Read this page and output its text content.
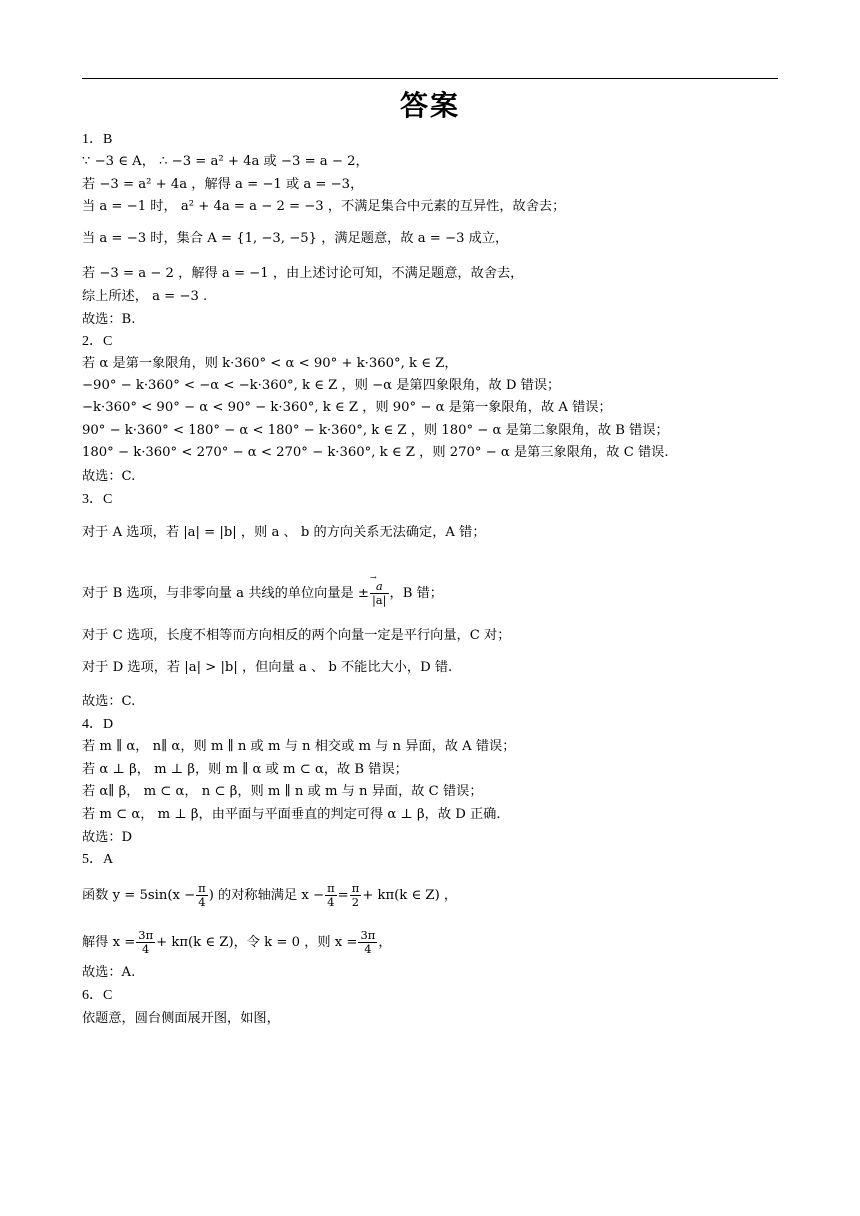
答案
1．B
∵ −3 ∈ A， ∴ −3 = a² + 4a 或 −3 = a − 2，
若 −3 = a² + 4a ，解得 a = −1 或 a = −3，
当 a = −1 时， a² + 4a = a − 2 = −3 ，不满足集合中元素的互异性，故舍去；
当 a = −3 时，集合 A = {1, −3, −5} ，满足题意，故 a = −3 成立，
若 −3 = a − 2 ，解得 a = −1 ，由上述讨论可知，不满足题意，故舍去，
综上所述， a = −3 .
故选：B.
2．C
若 α 是第一象限角，则 k·360° < α < 90° + k·360°, k ∈ Z，
−90° − k·360° < −α < −k·360°, k ∈ Z ，则 −α 是第四象限角，故 D 错误；
−k·360° < 90° − α < 90° − k·360°, k ∈ Z ，则 90° − α 是第一象限角，故 A 错误；
90° − k·360° < 180° − α < 180° − k·360°, k ∈ Z ，则 180° − α 是第二象限角，故 B 错误；
180° − k·360° < 270° − α < 270° − k·360°, k ∈ Z ，则 270° − α 是第三象限角，故 C 错误.
故选：C.
3．C
对于 A 选项，若 |a| = |b| ，则 a 、 b 的方向关系无法确定，A 错；
对于 B 选项，与非零向量 a 共线的单位向量是 ±
→ $\frac{a}{|a|}$ ，B 错；
对于 C 选项，长度不相等而方向相反的两个向量一定是平行向量，C 对；
对于 D 选项，若 |a| > |b| ，但向量 a 、 b 不能比大小，D 错.
故选：C.
4．D
若 m ∥ α， n∥ α，则 m ∥ n 或 m 与 n 相交或 m 与 n 异面，故 A 错误；
若 α ⊥ β， m ⊥ β，则 m ∥ α 或 m ⊂ α，故 B 错误；
若 α∥ β， m ⊂ α， n ⊂ β，则 m ∥ n 或 m 与 n 异面，故 C 错误；
若 m ⊂ α， m ⊥ β，由平面与平面垂直的判定可得 α ⊥ β，故 D 正确.
故选：D
5．A
函数 $y = 5\sin(x - \frac{\pi}{4}$ ) 的对称轴满足 $x - \frac{\pi}{4} = \frac{\pi}{2} + k\pi(k$ ∈ Z) ，
解得 $x = \frac{3\pi}{4} + k\pi(k$ ∈ Z)，令 k = 0 ，则 $x = \frac{3\pi}{4}$ ，
故选：A.
6．C
依题意，圆台侧面展开图，如图，
